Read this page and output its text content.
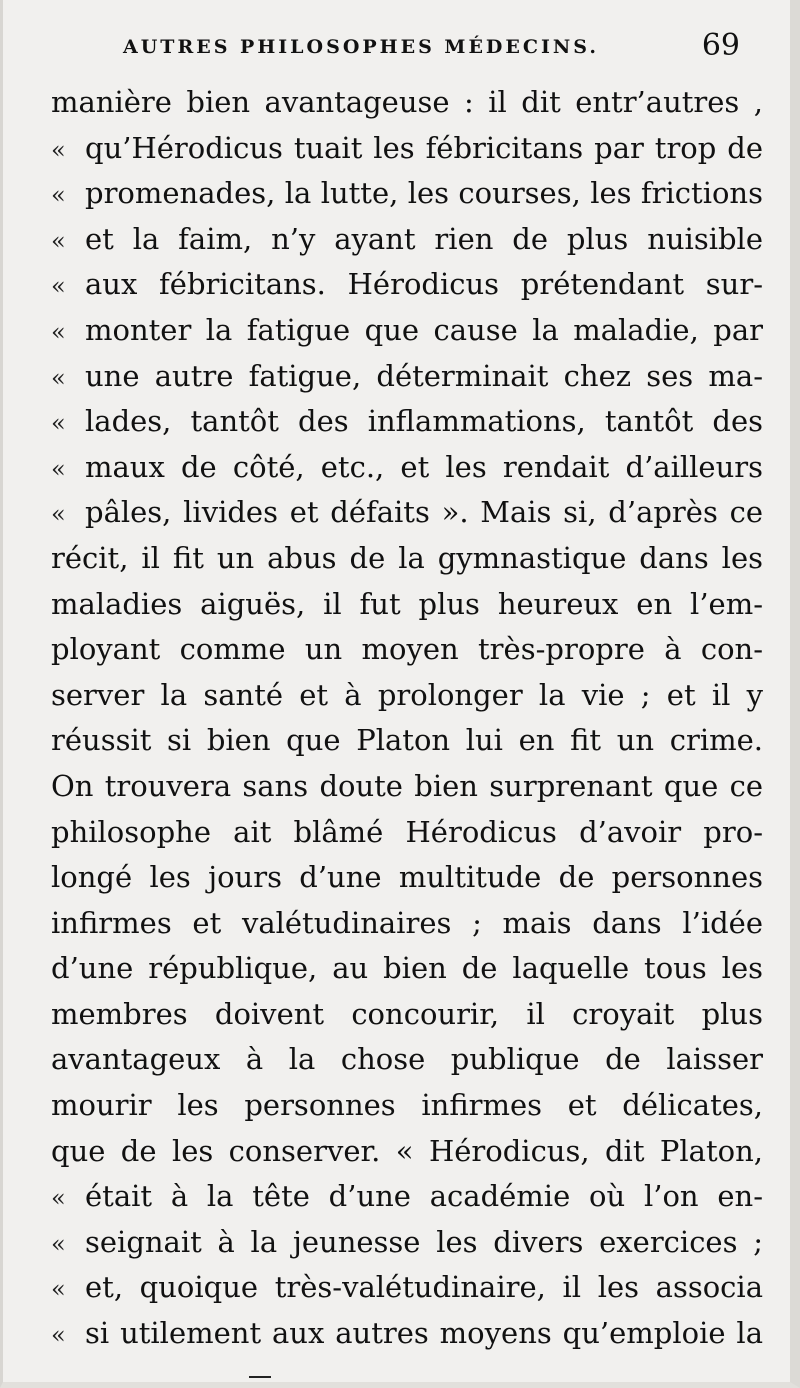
AUTRES PHILOSOPHES MÉDECINS.	69
manière bien avantageuse : il dit entr’autres ,
« qu’Hérodicus tuait les fébricitans par trop de
« promenades, la lutte, les courses, les frictions
« et la faim, n’y ayant rien de plus nuisible
« aux fébricitans. Hérodicus prétendant sur-
« monter la fatigue que cause la maladie, par
« une autre fatigue, déterminait chez ses ma-
« lades, tantôt des inflammations, tantôt des
« maux de côté, etc., et les rendait d’ailleurs
« pâles, livides et défaits ». Mais si, d’après ce
récit, il fit un abus de la gymnastique dans les
maladies aiguës, il fut plus heureux en l’em-
ployant comme un moyen très-propre à con-
server la santé et à prolonger la vie ; et il y
réussit si bien que Platon lui en fit un crime.
On trouvera sans doute bien surprenant que ce
philosophe ait blâmé Hérodicus d’avoir pro-
longé les jours d’une multitude de personnes
infirmes et valétudinaires ; mais dans l’idée
d’une république, au bien de laquelle tous les
membres doivent concourir, il croyait plus
avantageux à la chose publique de laisser
mourir les personnes infirmes et délicates,
que de les conserver. « Hérodicus, dit Platon,
« était à la tête d’une académie où l’on en-
« seignait à la jeunesse les divers exercices ;
« et, quoique très-valétudinaire, il les associa
« si utilement aux autres moyens qu’emploie la
